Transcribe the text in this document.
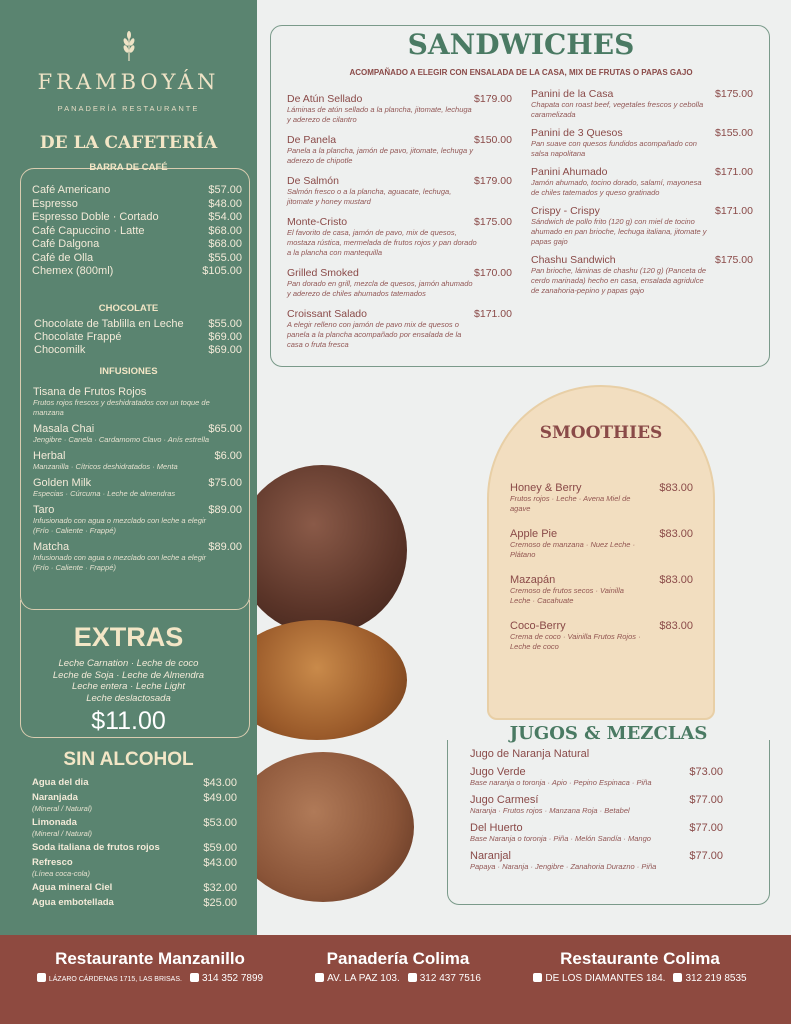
FRAMBOYÁN
PANADERÍA RESTAURANTE
DE LA CAFETERÍA
BARRA DE CAFÉ
Café Americano	$57.00
Espresso	$48.00
Espresso Doble · Cortado	$54.00
Café Capuccino · Latte	$68.00
Café Dalgona	$68.00
Café de Olla	$55.00
Chemex (800ml)	$105.00
CHOCOLATE
Chocolate de Tablilla en Leche $55.00
Chocolate Frappé	$69.00
Chocomilk	$69.00
INFUSIONES
Tisana de Frutos Rojos
Frutos rojos frescos y deshidratados con un toque de manzana
Masala Chai	$65.00
Jengibre · Canela · Cardamomo Clavo · Anís estrella
Herbal	$6.00
Manzanilla · Cítricos deshidratados · Menta
Golden Milk	$75.00
Especias · Cúrcuma · Leche de almendras
Taro	$89.00
Infusionado con agua o mezclado con leche a elegir (Frío · Caliente · Frappé)
Matcha	$89.00
Infusionado con agua o mezclado con leche a elegir (Frío · Caliente · Frappé)
EXTRAS
Leche Carnation · Leche de coco
Leche de Soja · Leche de Almendra
Leche entera · Leche Light
Leche deslactosada
$11.00
SIN ALCOHOL
Agua del dia	$43.00
Naranjada	$49.00
(Mineral / Natural)
Limonada	$53.00
(Mineral / Natural)
Soda italiana de frutos rojos	$59.00
Refresco	$43.00
(Línea coca-cola)
Agua mineral Ciel	$32.00
Agua embotellada	$25.00
SANDWICHES
ACOMPAÑADO A ELEGIR CON ENSALADA DE LA CASA, MIX DE FRUTAS O PAPAS GAJO
De Atún Sellado	$179.00
Láminas de atún sellado a la plancha, jitomate, lechuga y aderezo de cilantro
De Panela	$150.00
Panela a la plancha, jamón de pavo, jitomate, lechuga y aderezo de chipotle
De Salmón	$179.00
Salmón fresco o a la plancha, aguacate, lechuga, jitomate y honey mustard
Monte-Cristo	$175.00
El favorito de casa, jamón de pavo, mix de quesos, mostaza rústica, mermelada de frutos rojos y pan dorado a la plancha con mantequilla
Grilled Smoked	$170.00
Pan dorado en grill, mezcla de quesos, jamón ahumado y aderezo de chiles ahumados tatemados
Croissant Salado	$171.00
A elegir relleno con jamón de pavo mix de quesos o panela a la plancha acompañado por ensalada de la casa o fruta fresca
Panini de la Casa	$175.00
Chapata con roast beef, vegetales frescos y cebolla caramelizada
Panini de 3 Quesos	$155.00
Pan suave con quesos fundidos acompañado con salsa napolitana
Panini Ahumado	$171.00
Jamón ahumado, tocino dorado, salamí, mayonesa de chiles tatemados y queso gratinado
Crispy - Crispy	$171.00
Sándwich de pollo frito (120 g) con miel de tocino ahumado en pan brioche, lechuga italiana, jitomate y papas gajo
Chashu Sandwich	$175.00
Pan brioche, láminas de chashu (120 g) (Panceta de cerdo marinada) hecho en casa, ensalada agridulce de zanahoria-pepino y papas gajo
SMOOTHIES
Honey & Berry	$83.00
Frutos rojos · Leche · Avena Miel de agave
Apple Pie	$83.00
Cremoso de manzana · Nuez Leche · Plátano
Mazapán	$83.00
Cremoso de frutos secos · Vainilla Leche · Cacahuate
Coco-Berry	$83.00
Crema de coco · Vainilla Frutos Rojos · Leche de coco
JUGOS & MEZCLAS
Jugo de Naranja Natural
Jugo Verde	$73.00
Base naranja o toronja · Apio · Pepino Espinaca · Piña
Jugo Carmesí	$77.00
Naranja · Frutos rojos · Manzana Roja · Betabel
Del Huerto	$77.00
Base Naranja o toronja · Piña · Melón Sandía · Mango
Naranjal	$77.00
Papaya · Naranja · Jengibre · Zanahoria Durazno · Piña
Restaurante Manzanillo
LÁZARO CÁRDENAS 1715, LAS BRISAS. 314 352 7899
Panadería Colima
AV. LA PAZ 103. 312 437 7516
Restaurante Colima
DE LOS DIAMANTES 184. 312 219 8535
